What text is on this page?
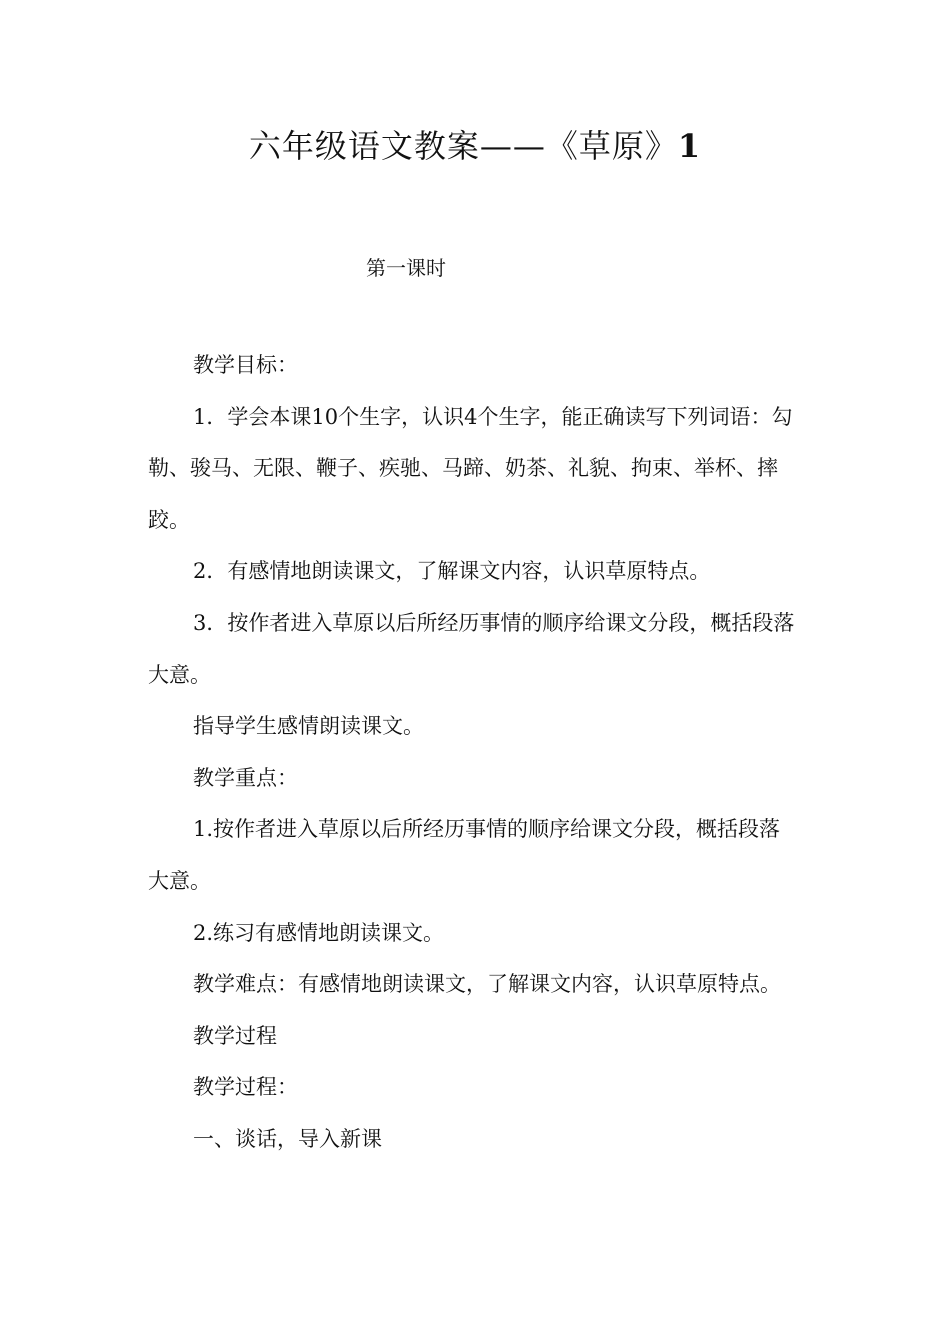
六年级语文教案——《草原》1
第一课时

教学目标：

1．学会本课10个生字，认识4个生字，能正确读写下列词语：勾勒、骏马、无限、鞭子、疾驰、马蹄、奶茶、礼貌、拘束、举杯、摔跤。

2．有感情地朗读课文，了解课文内容，认识草原特点。

3．按作者进入草原以后所经历事情的顺序给课文分段，概括段落大意。

指导学生感情朗读课文。

教学重点：

1.按作者进入草原以后所经历事情的顺序给课文分段，概括段落大意。

2.练习有感情地朗读课文。

教学难点：有感情地朗读课文，了解课文内容，认识草原特点。

教学过程

教学过程：

一、谈话，导入新课
